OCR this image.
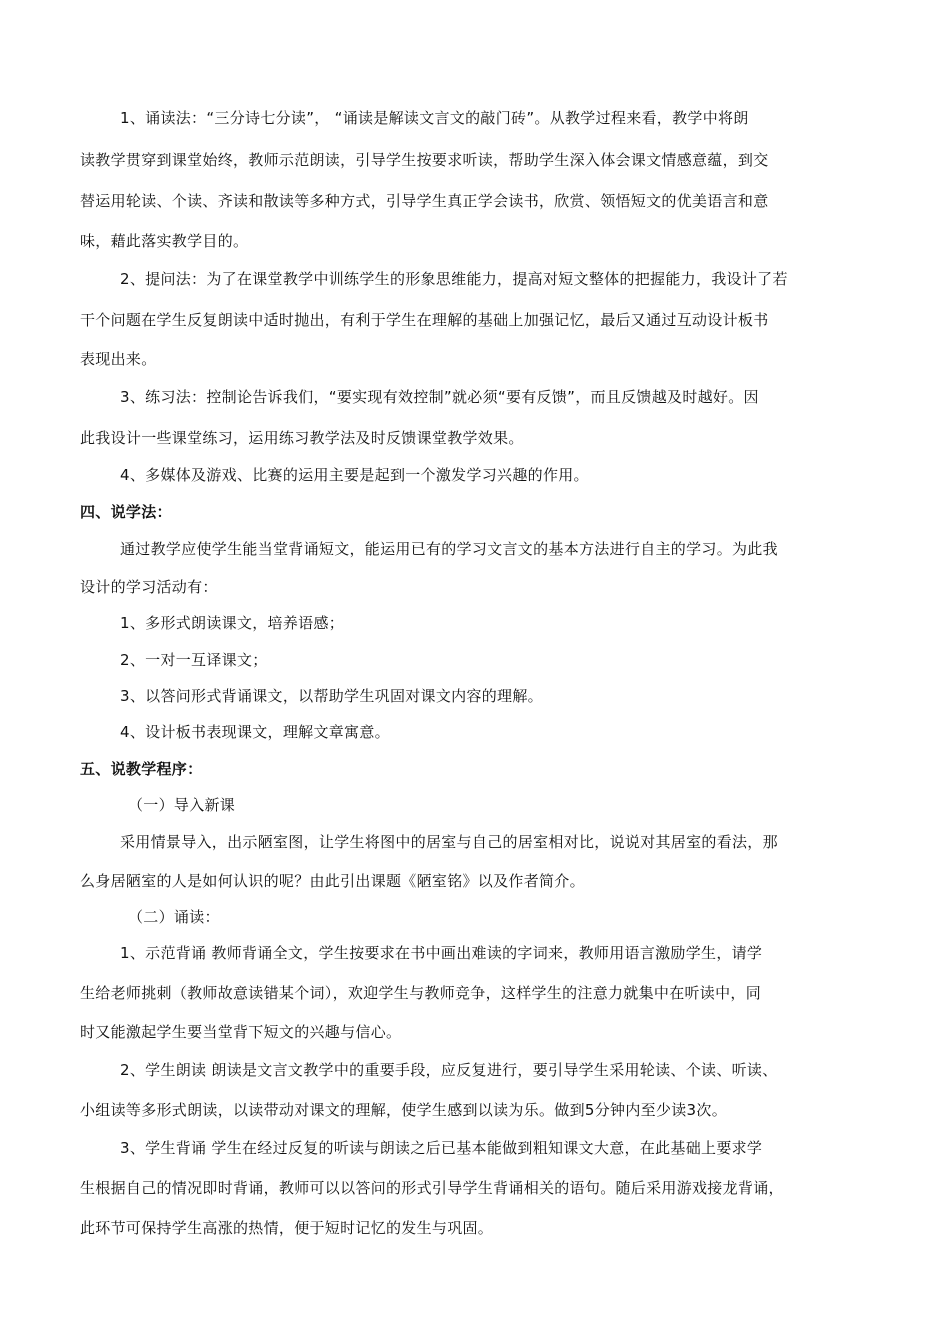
1、诵读法：“三分诗七分读”， “诵读是解读文言文的敲门砖”。从教学过程来看，教学中将朗
读教学贯穿到课堂始终，教师示范朗读，引导学生按要求听读，帮助学生深入体会课文情感意蕴，到交
替运用轮读、个读、齐读和散读等多种方式，引导学生真正学会读书，欣赏、领悟短文的优美语言和意
味，藉此落实教学目的。
2、提问法：为了在课堂教学中训练学生的形象思维能力，提高对短文整体的把握能力，我设计了若
干个问题在学生反复朗读中适时抛出，有利于学生在理解的基础上加强记忆，最后又通过互动设计板书
表现出来。
3、练习法：控制论告诉我们，“要实现有效控制”就必须“要有反馈”，而且反馈越及时越好。因
此我设计一些课堂练习，运用练习教学法及时反馈课堂教学效果。
4、多媒体及游戏、比赛的运用主要是起到一个激发学习兴趣的作用。
四、说学法：
通过教学应使学生能当堂背诵短文，能运用已有的学习文言文的基本方法进行自主的学习。为此我
设计的学习活动有：
1、多形式朗读课文，培养语感；
2、一对一互译课文；
3、以答问形式背诵课文，以帮助学生巩固对课文内容的理解。
4、设计板书表现课文，理解文章寓意。
五、说教学程序：
（一）导入新课
采用情景导入，出示陋室图，让学生将图中的居室与自己的居室相对比，说说对其居室的看法，那
么身居陋室的人是如何认识的呢？由此引出课题《陋室铭》以及作者简介。
（二）诵读：
1、示范背诵 教师背诵全文，学生按要求在书中画出难读的字词来，教师用语言激励学生，请学
生给老师挑刺（教师故意读错某个词），欢迎学生与教师竞争，这样学生的注意力就集中在听读中，同
时又能激起学生要当堂背下短文的兴趣与信心。
2、学生朗读 朗读是文言文教学中的重要手段，应反复进行，要引导学生采用轮读、个读、听读、
小组读等多形式朗读，以读带动对课文的理解，使学生感到以读为乐。做到5分钟内至少读3次。
3、学生背诵 学生在经过反复的听读与朗读之后已基本能做到粗知课文大意，在此基础上要求学
生根据自己的情况即时背诵，教师可以以答问的形式引导学生背诵相关的语句。随后采用游戏接龙背诵，
此环节可保持学生高涨的热情，便于短时记忆的发生与巩固。
